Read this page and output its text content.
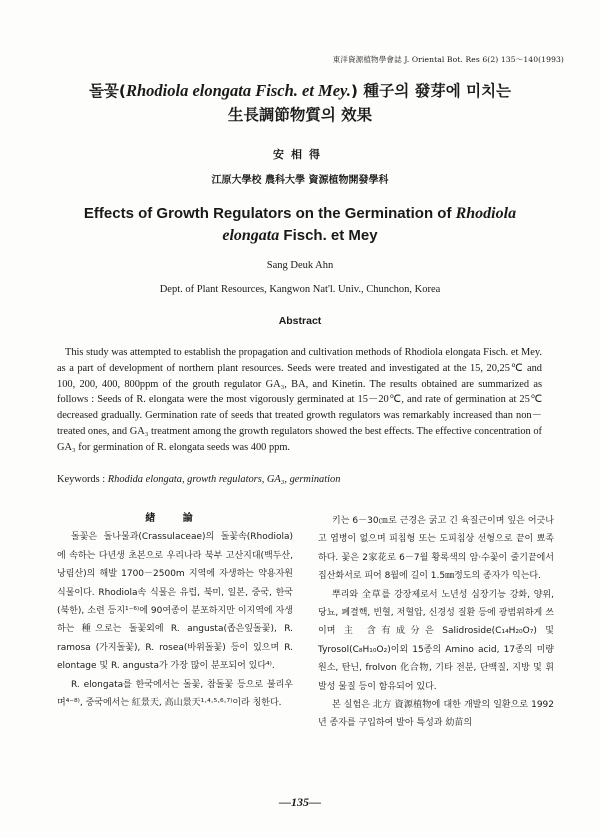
東洋資源植物學會誌 J. Oriental Bot. Res 6(2) 135～140(1993)
돌꽃(Rhodiola elongata Fisch. et Mey.) 種子의 發芽에 미치는
生長調節物質의 效果
安相得
江原大學校 農科大學 資源植物開發學科
Effects of Growth Regulators on the Germination of Rhodiola
elongata Fisch. et Mey
Sang Deuk Ahn
Dept. of Plant Resources, Kangwon Nat'l. Univ., Chunchon, Korea
Abstract

This study was attempted to establish the propagation and cultivation methods of Rhodiola elongata Fisch. et Mey. as a part of development of northern plant resources. Seeds were treated and investigated at the 15, 20,25℃ and 100, 200, 400, 800ppm of the grouth regulator GA₃, BA, and Kinetin. The results obtained are summarized as follows : Seeds of R. elongata were the most vigorously germinated at 15－20℃, and rate of germination at 25℃ decreased gradually. Germination rate of seeds that treated growth regulators was remarkably increased than non－treated ones, and GA₃ treatment among the growth regulators showed the best effects. The effective concentration of GA₃ for germination of R. elongata seeds was 400 ppm.

Keywords : Rhodida elongata, growth regulators, GA₃, germination

緖 論

돌꽃은 돌나물과(Crassulaceae)의 돌꽃속(Rhodiola)에 속하는 다년생 초본으로 우리나라 북부 고산지대(백두산, 낭림산)의 해발 1700－2500m 지역에 자생하는 약용자원 식물이다. Rhodiola속 식물은 유럽, 북미, 일본, 중국, 한국(북한), 소련 등지¹⁻⁶⁾에 90여종이 분포하지만 이지역에 자생하는 種으로는 돌꽃외에 R. angusta(좁은잎돌꽃), R. ramosa (가지돌꽃), R. rosea(바위돌꽃) 등이 있으며 R. elontage 및 R. angusta가 가장 많이 분포되어 있다⁴⁾.

R. elongata를 한국에서는 돌꽃, 참돌꽃 등으로 불리우며⁴⁻⁸⁾, 중국에서는 紅景天, 高山景天¹·⁴·⁵·⁶·⁷⁾이라 칭한다.

키는 6－30㎝로 근경은 굵고 긴 육질근이며 잎은 어긋나고 엽병이 없으며 피침형 또는 도피침상 선형으로 끝이 뾰족하다. 꽃은 2家花로 6－7월 황록색의 암·수꽃이 줄기끝에서 집산화서로 피어 8월에 길이 1.5㎜정도의 종자가 익는다.

뿌리와 全草를 강장제로서 노년성 심장기능 강화, 양위, 당뇨, 폐결핵, 빈혈, 저혈압, 신경성 질환 등에 광범위하게 쓰이며 主 含有成分은 Salidroside(C₁₄H₂₀O₇) 및 Tyrosol(C₈H₁₀O₂)이외 15종의 Amino acid, 17종의 미량원소, 탄닌, frolvon 化合物, 기타 전분, 단백질, 지방 및 휘발성 물질 등이 함유되어 있다.

본 실험은 北方 資源植物에 대한 개발의 일환으로 1992년 종자를 구입하여 발아 특성과 幼苗의

—135—
